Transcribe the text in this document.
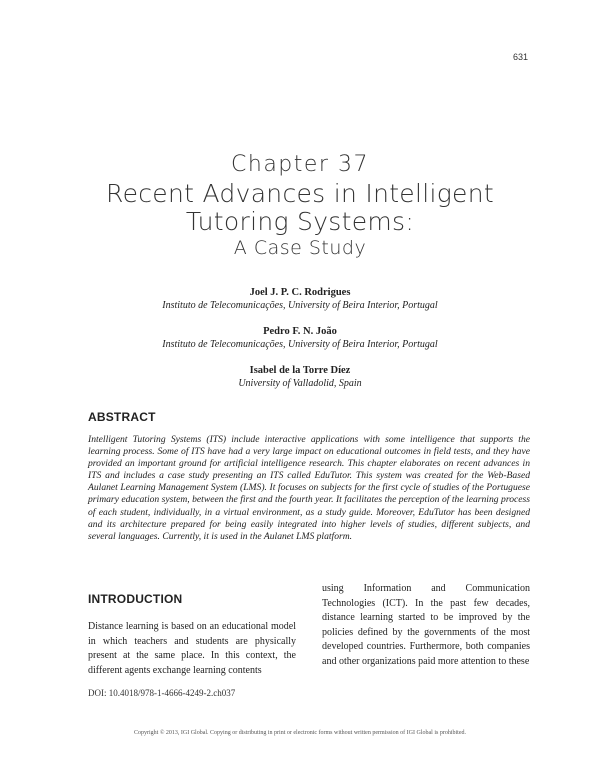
631
Chapter 37
Recent Advances in Intelligent
Tutoring Systems:
A Case Study
Joel J. P. C. Rodrigues
Instituto de Telecomunicações, University of Beira Interior, Portugal
Pedro F. N. João
Instituto de Telecomunicações, University of Beira Interior, Portugal
Isabel de la Torre Díez
University of Valladolid, Spain
ABSTRACT
Intelligent Tutoring Systems (ITS) include interactive applications with some intelligence that supports the learning process. Some of ITS have had a very large impact on educational outcomes in field tests, and they have provided an important ground for artificial intelligence research. This chapter elaborates on recent advances in ITS and includes a case study presenting an ITS called EduTutor. This system was created for the Web-Based Aulanet Learning Management System (LMS). It focuses on subjects for the first cycle of studies of the Portuguese primary education system, between the first and the fourth year. It facilitates the perception of the learning process of each student, individually, in a virtual environment, as a study guide. Moreover, EduTutor has been designed and its architecture prepared for being easily integrated into higher levels of studies, different subjects, and several languages. Currently, it is used in the Aulanet LMS platform.
INTRODUCTION
Distance learning is based on an educational model in which teachers and students are physically present at the same place. In this context, the different agents exchange learning contents
using Information and Communication Technologies (ICT). In the past few decades, distance learning started to be improved by the policies defined by the governments of the most developed countries. Furthermore, both companies and other organizations paid more attention to these
DOI: 10.4018/978-1-4666-4249-2.ch037
Copyright © 2013, IGI Global. Copying or distributing in print or electronic forms without written permission of IGI Global is prohibited.
